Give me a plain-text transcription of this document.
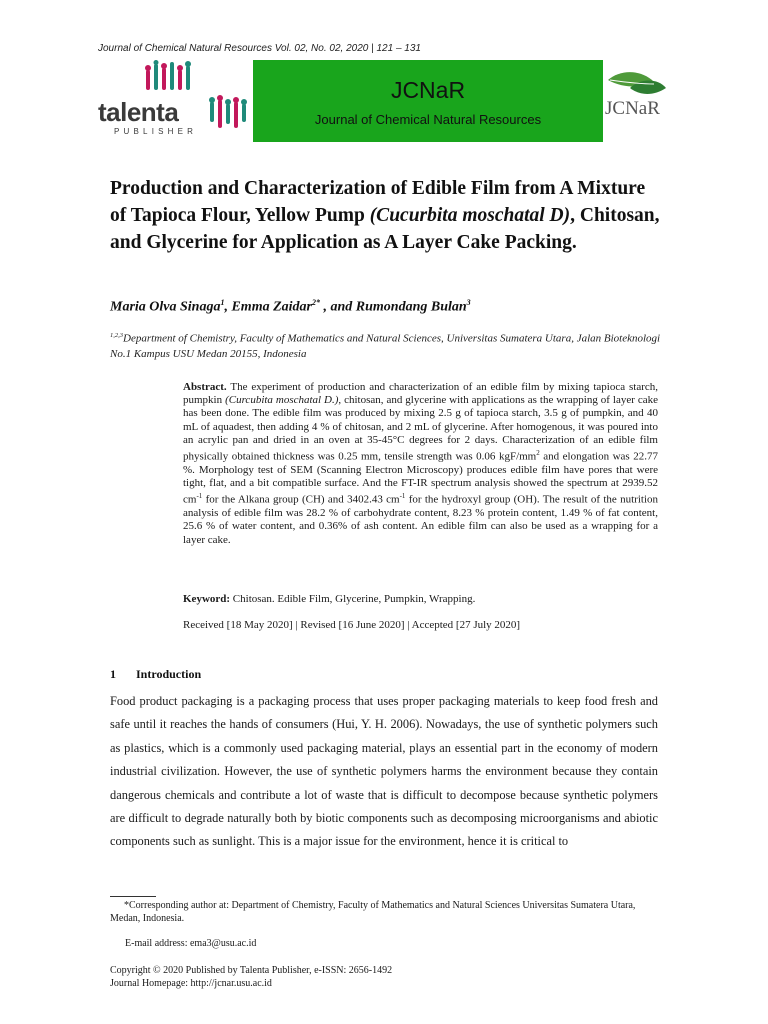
Journal of Chemical Natural Resources Vol. 02, No. 02, 2020 | 121 – 131
talenta
PUBLISHER
JCNaR
Journal of Chemical Natural Resources
JCNaR
Production and Characterization of Edible Film from A Mixture of Tapioca Flour, Yellow Pump (Cucurbita moschatal D), Chitosan, and Glycerine for Application as A Layer Cake Packing.
Maria Olva Sinaga$^1$, Emma Zaidar$^{2*}$ , and Rumondang Bulan$^3$
$^{1,2,3}$Department of Chemistry, Faculty of Mathematics and Natural Sciences, Universitas Sumatera Utara, Jalan Bioteknologi No.1 Kampus USU Medan 20155, Indonesia
Abstract. The experiment of production and characterization of an edible film by mixing tapioca starch, pumpkin (Curcubita moschatal D.), chitosan, and glycerine with applications as the wrapping of layer cake has been done. The edible film was produced by mixing 2.5 g of tapioca starch, 3.5 g of pumpkin, and 40 mL of aquadest, then adding 4 % of chitosan, and 2 mL of glycerine. After homogenous, it was poured into an acrylic pan and dried in an oven at 35-45°C degrees for 2 days. Characterization of an edible film physically obtained thickness was 0.25 mm, tensile strength was 0.06 kgF/$mm^2$ and elongation was 22.77 %. Morphology test of SEM (Scanning Electron Microscopy) produces edible film have pores that were tight, flat, and a bit compatible surface. And the FT-IR spectrum analysis showed the spectrum at 2939.52 $cm^{-1}$ for the Alkana group (CH) and 3402.43 $cm^{-1}$ for the hydroxyl group (OH). The result of the nutrition analysis of edible film was 28.2 % of carbohydrate content, 8.23 % protein content, 1.49 % of fat content, 25.6 % of water content, and 0.36% of ash content. An edible film can also be used as a wrapping for a layer cake.
Keyword: Chitosan. Edible Film, Glycerine, Pumpkin, Wrapping.
Received [18 May 2020] | Revised [16 June 2020] | Accepted [27 July 2020]
1 Introduction
Food product packaging is a packaging process that uses proper packaging materials to keep food fresh and safe until it reaches the hands of consumers (Hui, Y. H. 2006). Nowadays, the use of synthetic polymers such as plastics, which is a commonly used packaging material, plays an essential part in the economy of modern industrial civilization. However, the use of synthetic polymers harms the environment because they contain dangerous chemicals and contribute a lot of waste that is difficult to decompose because synthetic polymers are difficult to degrade naturally both by biotic components such as decomposing microorganisms and abiotic components such as sunlight. This is a major issue for the environment, hence it is critical to
*Corresponding author at: Department of Chemistry, Faculty of Mathematics and Natural Sciences Universitas Sumatera Utara, Medan, Indonesia.
E-mail address: ema3@usu.ac.id
Copyright © 2020 Published by Talenta Publisher, e-ISSN: 2656-1492
Journal Homepage: http://jcnar.usu.ac.id
